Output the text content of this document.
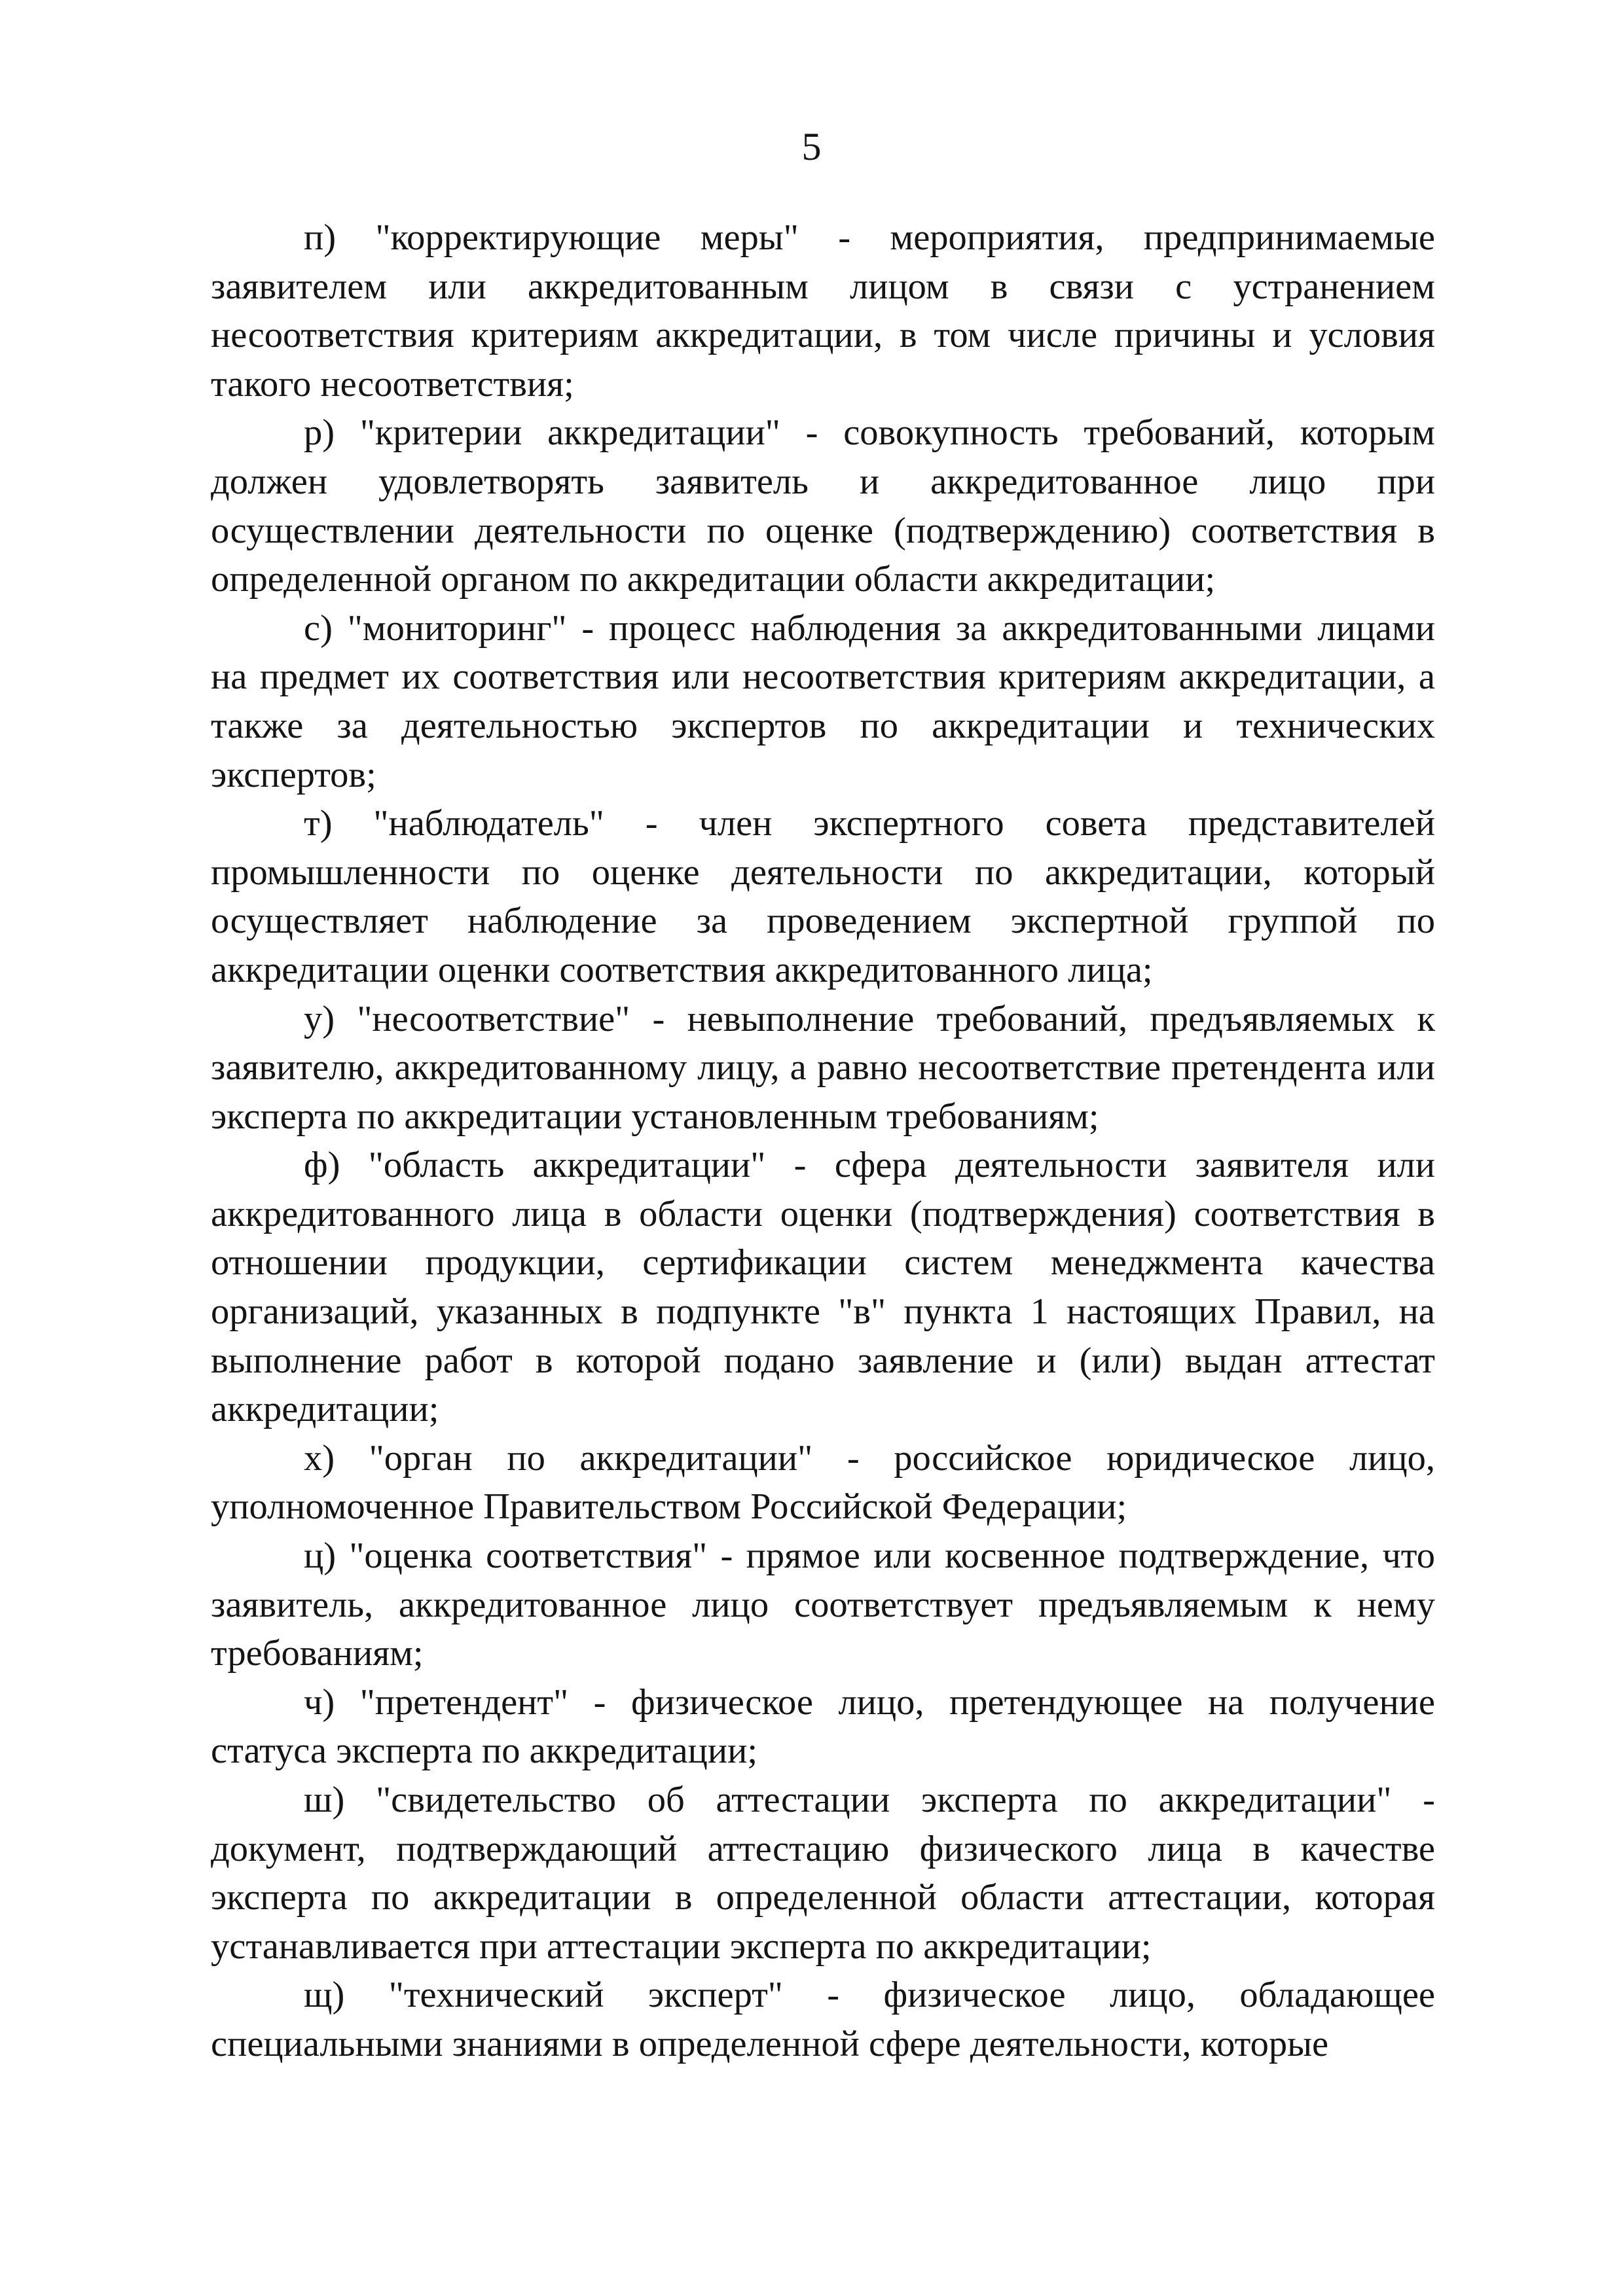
5

п) "корректирующие меры" - мероприятия, предпринимаемые заявителем или аккредитованным лицом в связи с устранением несоответствия критериям аккредитации, в том числе причины и условия такого несоответствия;

р) "критерии аккредитации" - совокупность требований, которым должен удовлетворять заявитель и аккредитованное лицо при осуществлении деятельности по оценке (подтверждению) соответствия в определенной органом по аккредитации области аккредитации;

с) "мониторинг" - процесс наблюдения за аккредитованными лицами на предмет их соответствия или несоответствия критериям аккредитации, а также за деятельностью экспертов по аккредитации и технических экспертов;

т) "наблюдатель" - член экспертного совета представителей промышленности по оценке деятельности по аккредитации, который осуществляет наблюдение за проведением экспертной группой по аккредитации оценки соответствия аккредитованного лица;

у) "несоответствие" - невыполнение требований, предъявляемых к заявителю, аккредитованному лицу, а равно несоответствие претендента или эксперта по аккредитации установленным требованиям;

ф) "область аккредитации" - сфера деятельности заявителя или аккредитованного лица в области оценки (подтверждения) соответствия в отношении продукции, сертификации систем менеджмента качества организаций, указанных в подпункте "в" пункта 1 настоящих Правил, на выполнение работ в которой подано заявление и (или) выдан аттестат аккредитации;

х) "орган по аккредитации" - российское юридическое лицо, уполномоченное Правительством Российской Федерации;

ц) "оценка соответствия" - прямое или косвенное подтверждение, что заявитель, аккредитованное лицо соответствует предъявляемым к нему требованиям;

ч) "претендент" - физическое лицо, претендующее на получение статуса эксперта по аккредитации;

ш) "свидетельство об аттестации эксперта по аккредитации" - документ, подтверждающий аттестацию физического лица в качестве эксперта по аккредитации в определенной области аттестации, которая устанавливается при аттестации эксперта по аккредитации;

щ) "технический эксперт" - физическое лицо, обладающее специальными знаниями в определенной сфере деятельности, которые
